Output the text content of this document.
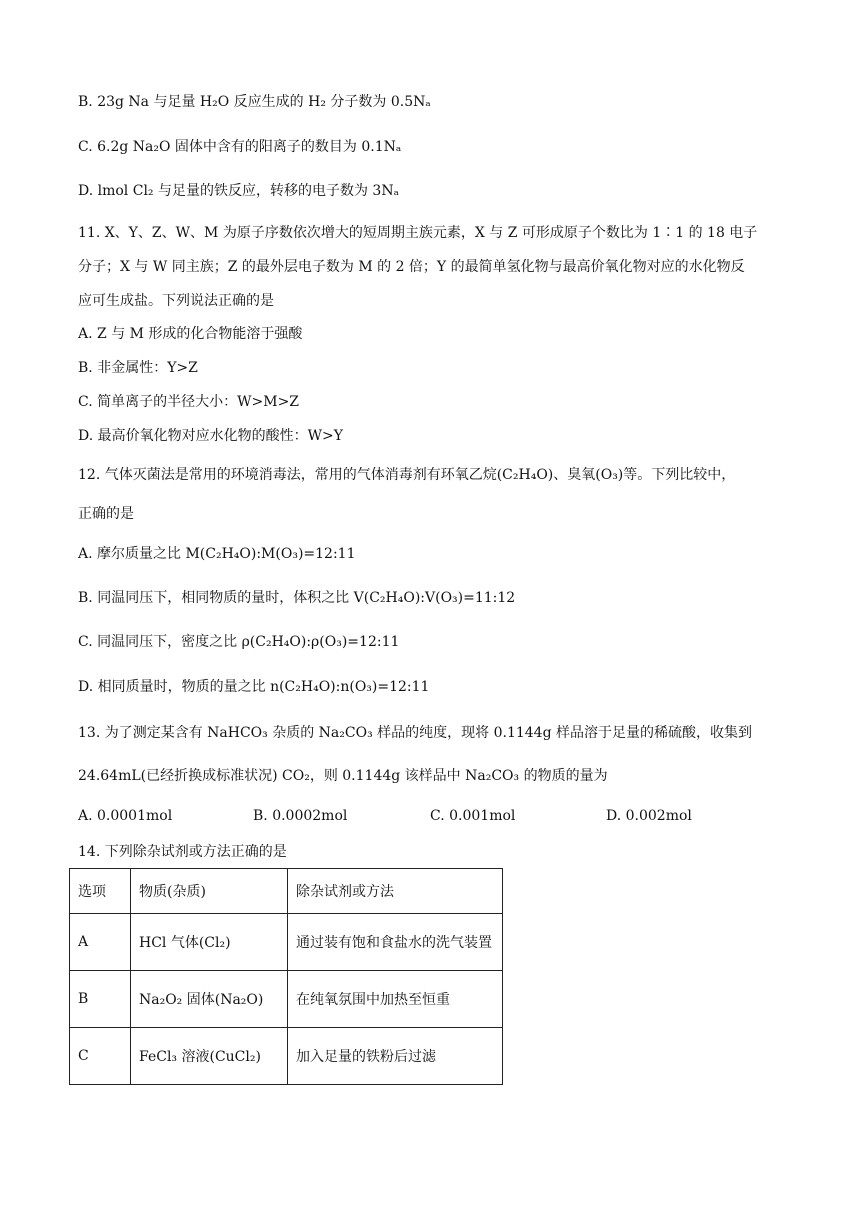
B. 23g Na 与足量 H₂O 反应生成的 H₂ 分子数为 0.5Nₐ
C. 6.2g Na₂O 固体中含有的阳离子的数目为 0.1Nₐ
D. lmol Cl₂ 与足量的铁反应，转移的电子数为 3Nₐ
11. X、Y、Z、W、M 为原子序数依次增大的短周期主族元素，X 与 Z 可形成原子个数比为 1∶1 的 18 电子
分子；X 与 W 同主族；Z 的最外层电子数为 M 的 2 倍；Y 的最简单氢化物与最高价氧化物对应的水化物反
应可生成盐。下列说法正确的是
A. Z 与 M 形成的化合物能溶于强酸
B. 非金属性：Y>Z
C. 简单离子的半径大小：W>M>Z
D. 最高价氧化物对应水化物的酸性：W>Y
12. 气体灭菌法是常用的环境消毒法，常用的气体消毒剂有环氧乙烷(C₂H₄O)、臭氧(O₃)等。下列比较中，
正确的是
A. 摩尔质量之比 M(C₂H₄O):M(O₃)=12:11
B. 同温同压下，相同物质的量时，体积之比 V(C₂H₄O):V(O₃)=11:12
C. 同温同压下，密度之比 ρ(C₂H₄O):ρ(O₃)=12:11
D. 相同质量时，物质的量之比 n(C₂H₄O):n(O₃)=12:11
13. 为了测定某含有 NaHCO₃ 杂质的 Na₂CO₃ 样品的纯度，现将 0.1144g 样品溶于足量的稀硫酸，收集到
24.64mL(已经折换成标准状况) CO₂，则 0.1144g 该样品中 Na₂CO₃ 的物质的量为
A. 0.0001mol	B. 0.0002mol	C. 0.001mol	D. 0.002mol
14. 下列除杂试剂或方法正确的是
选项	物质(杂质)	除杂试剂或方法
A	HCl 气体(Cl₂)	通过装有饱和食盐水的洗气装置
B	Na₂O₂ 固体(Na₂O)	在纯氧氛围中加热至恒重
C	FeCl₃ 溶液(CuCl₂)	加入足量的铁粉后过滤
